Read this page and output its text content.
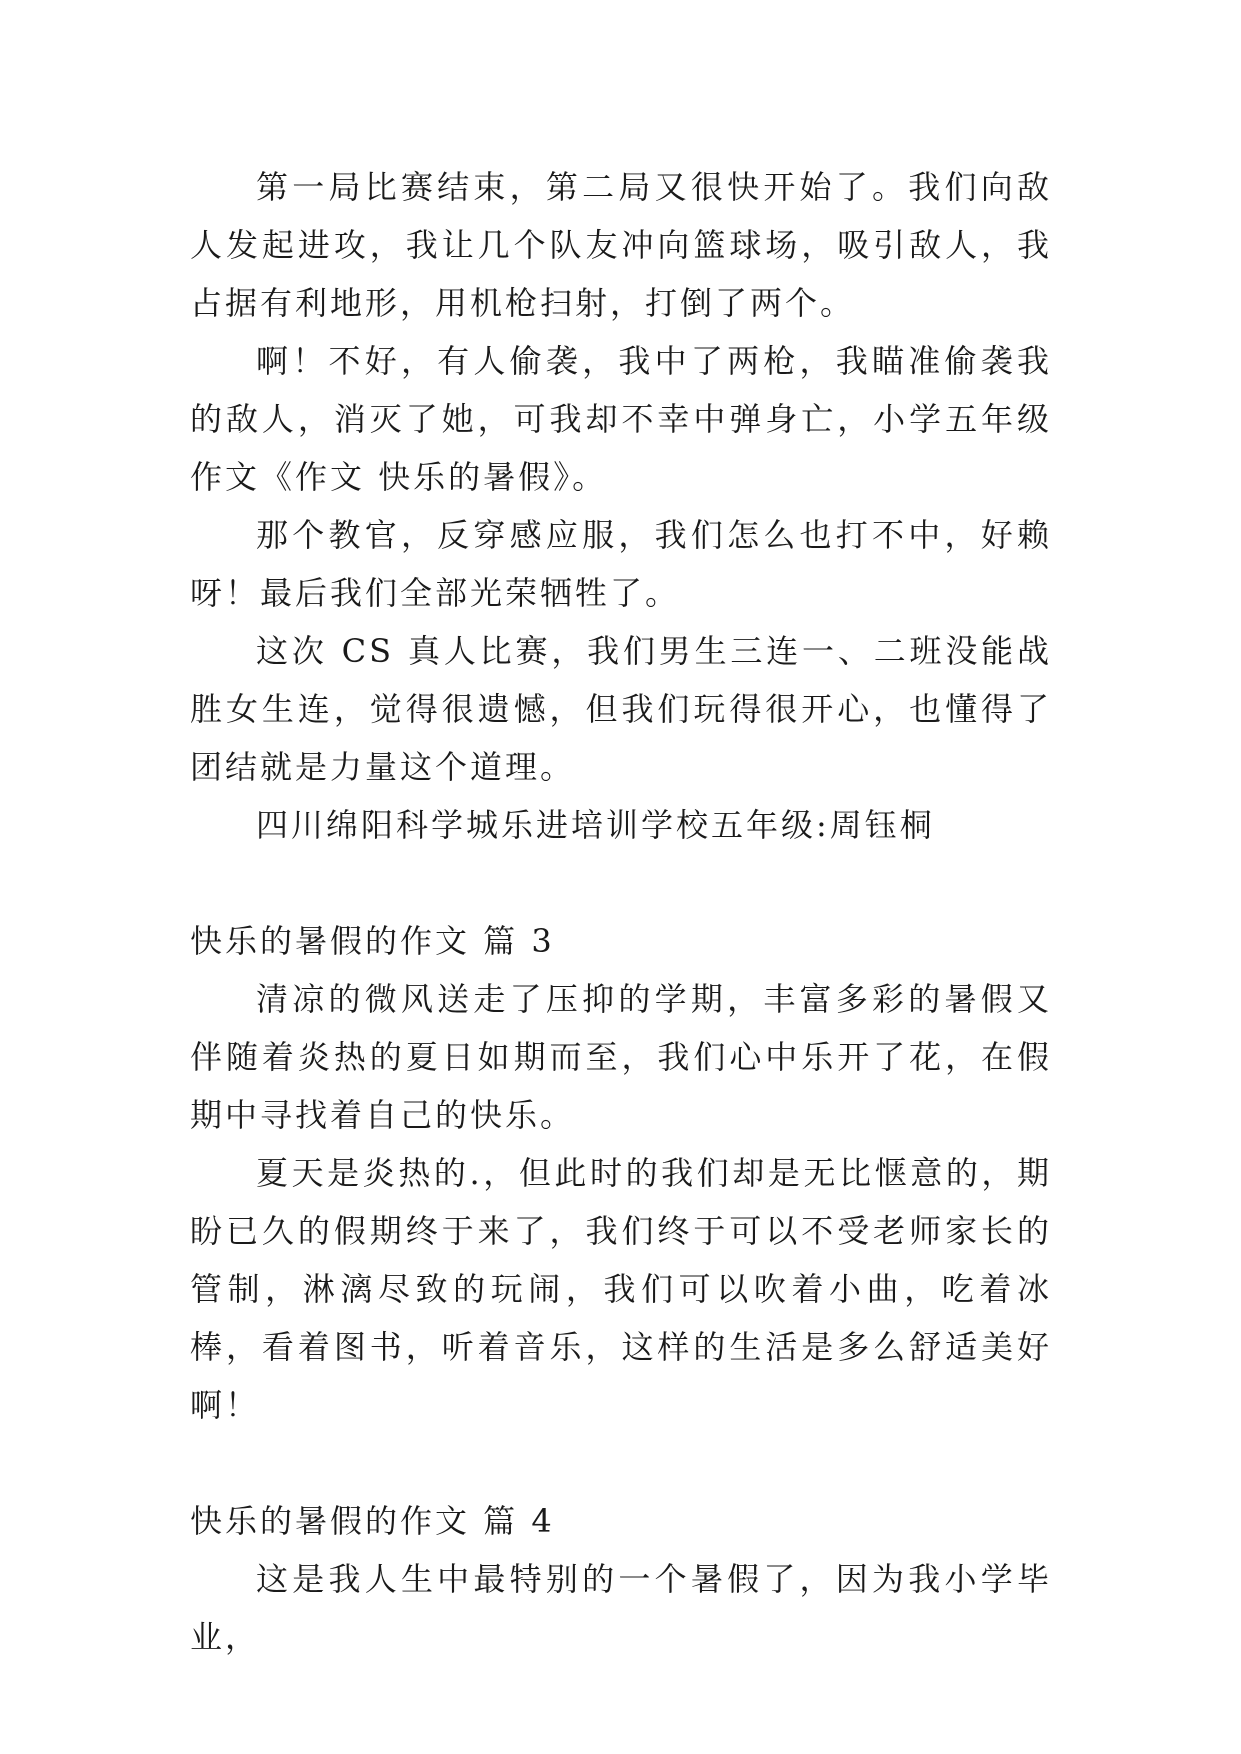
第一局比赛结束，第二局又很快开始了。我们向敌人发起进攻，我让几个队友冲向篮球场，吸引敌人，我占据有利地形，用机枪扫射，打倒了两个。

啊！不好，有人偷袭，我中了两枪，我瞄准偷袭我的敌人，消灭了她，可我却不幸中弹身亡，小学五年级作文《作文 快乐的暑假》。

那个教官，反穿感应服，我们怎么也打不中，好赖呀！最后我们全部光荣牺牲了。

这次 CS 真人比赛，我们男生三连一、二班没能战胜女生连，觉得很遗憾，但我们玩得很开心，也懂得了团结就是力量这个道理。

四川绵阳科学城乐进培训学校五年级:周钰桐

快乐的暑假的作文 篇 3

清凉的微风送走了压抑的学期，丰富多彩的暑假又伴随着炎热的夏日如期而至，我们心中乐开了花，在假期中寻找着自己的快乐。

夏天是炎热的.，但此时的我们却是无比惬意的，期盼已久的假期终于来了，我们终于可以不受老师家长的管制，淋漓尽致的玩闹，我们可以吹着小曲，吃着冰棒，看着图书，听着音乐，这样的生活是多么舒适美好啊！

快乐的暑假的作文 篇 4

这是我人生中最特别的一个暑假了，因为我小学毕业，
